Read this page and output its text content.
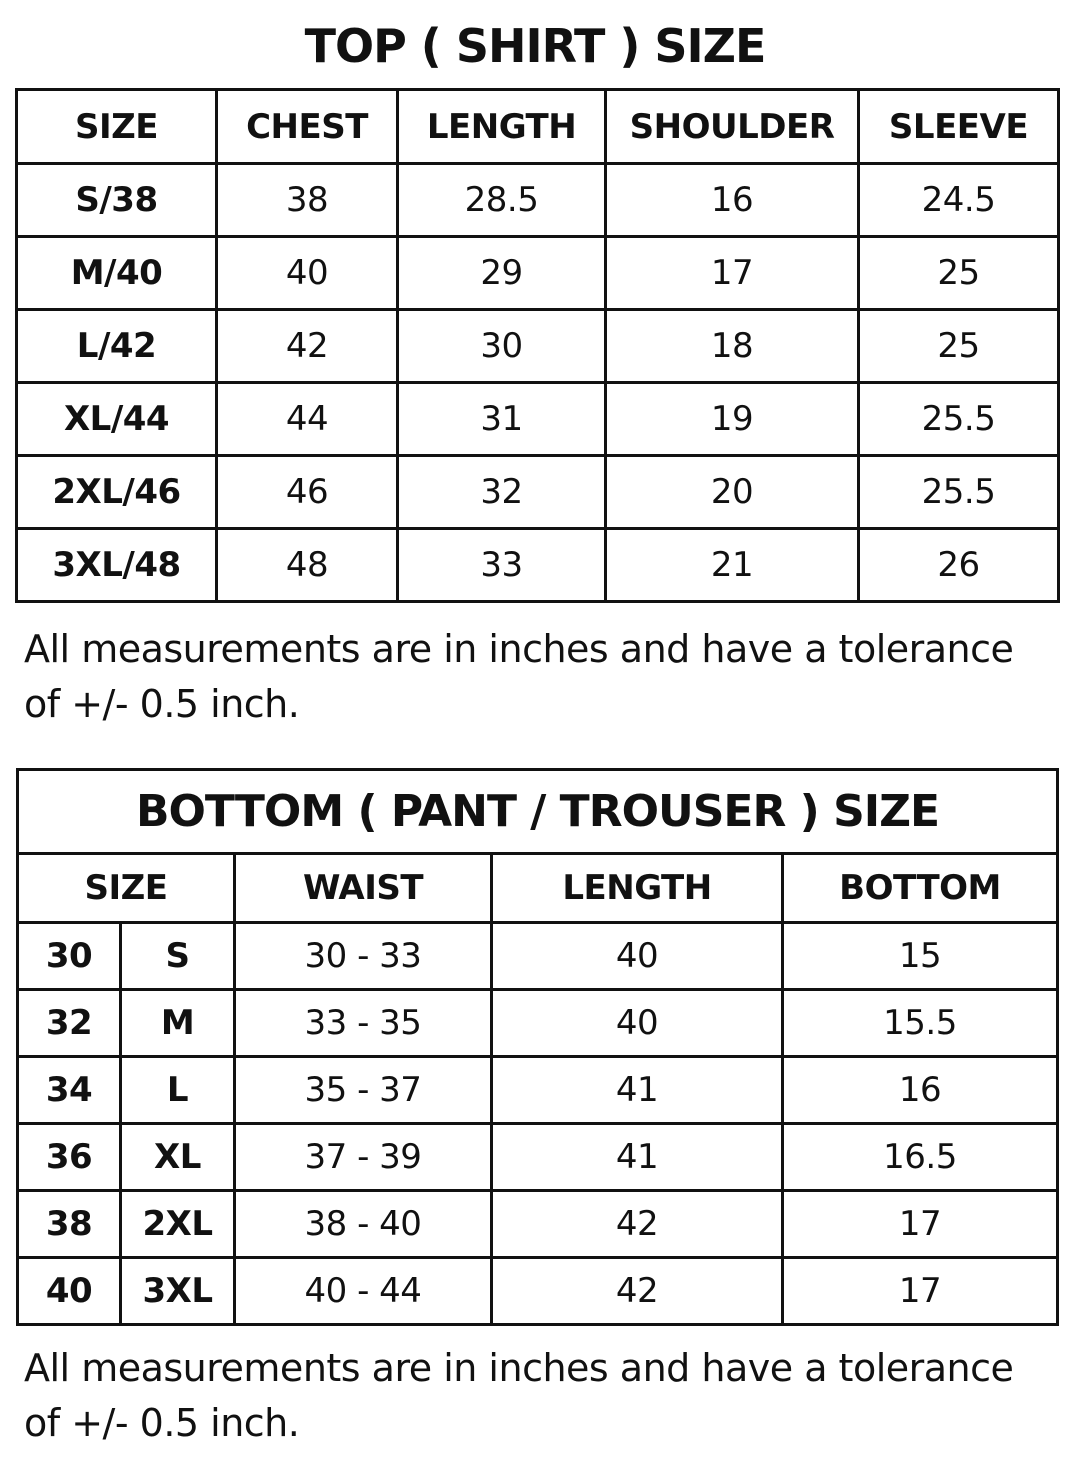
TOP ( SHIRT ) SIZE
SIZE	CHEST	LENGTH	SHOULDER	SLEEVE
S/38	38	28.5	16	24.5
M/40	40	29	17	25
L/42	42	30	18	25
XL/44	44	31	19	25.5
2XL/46	46	32	20	25.5
3XL/48	48	33	21	26
All measurements are in inches and have a tolerance of +/- 0.5 inch.
BOTTOM ( PANT / TROUSER ) SIZE				
SIZE		WAIST	LENGTH	BOTTOM
30	S	30 - 33	40	15
32	M	33 - 35	40	15.5
34	L	35 - 37	41	16
36	XL	37 - 39	41	16.5
38	2XL	38 - 40	42	17
40	3XL	40 - 44	42	17
All measurements are in inches and have a tolerance of +/- 0.5 inch.
